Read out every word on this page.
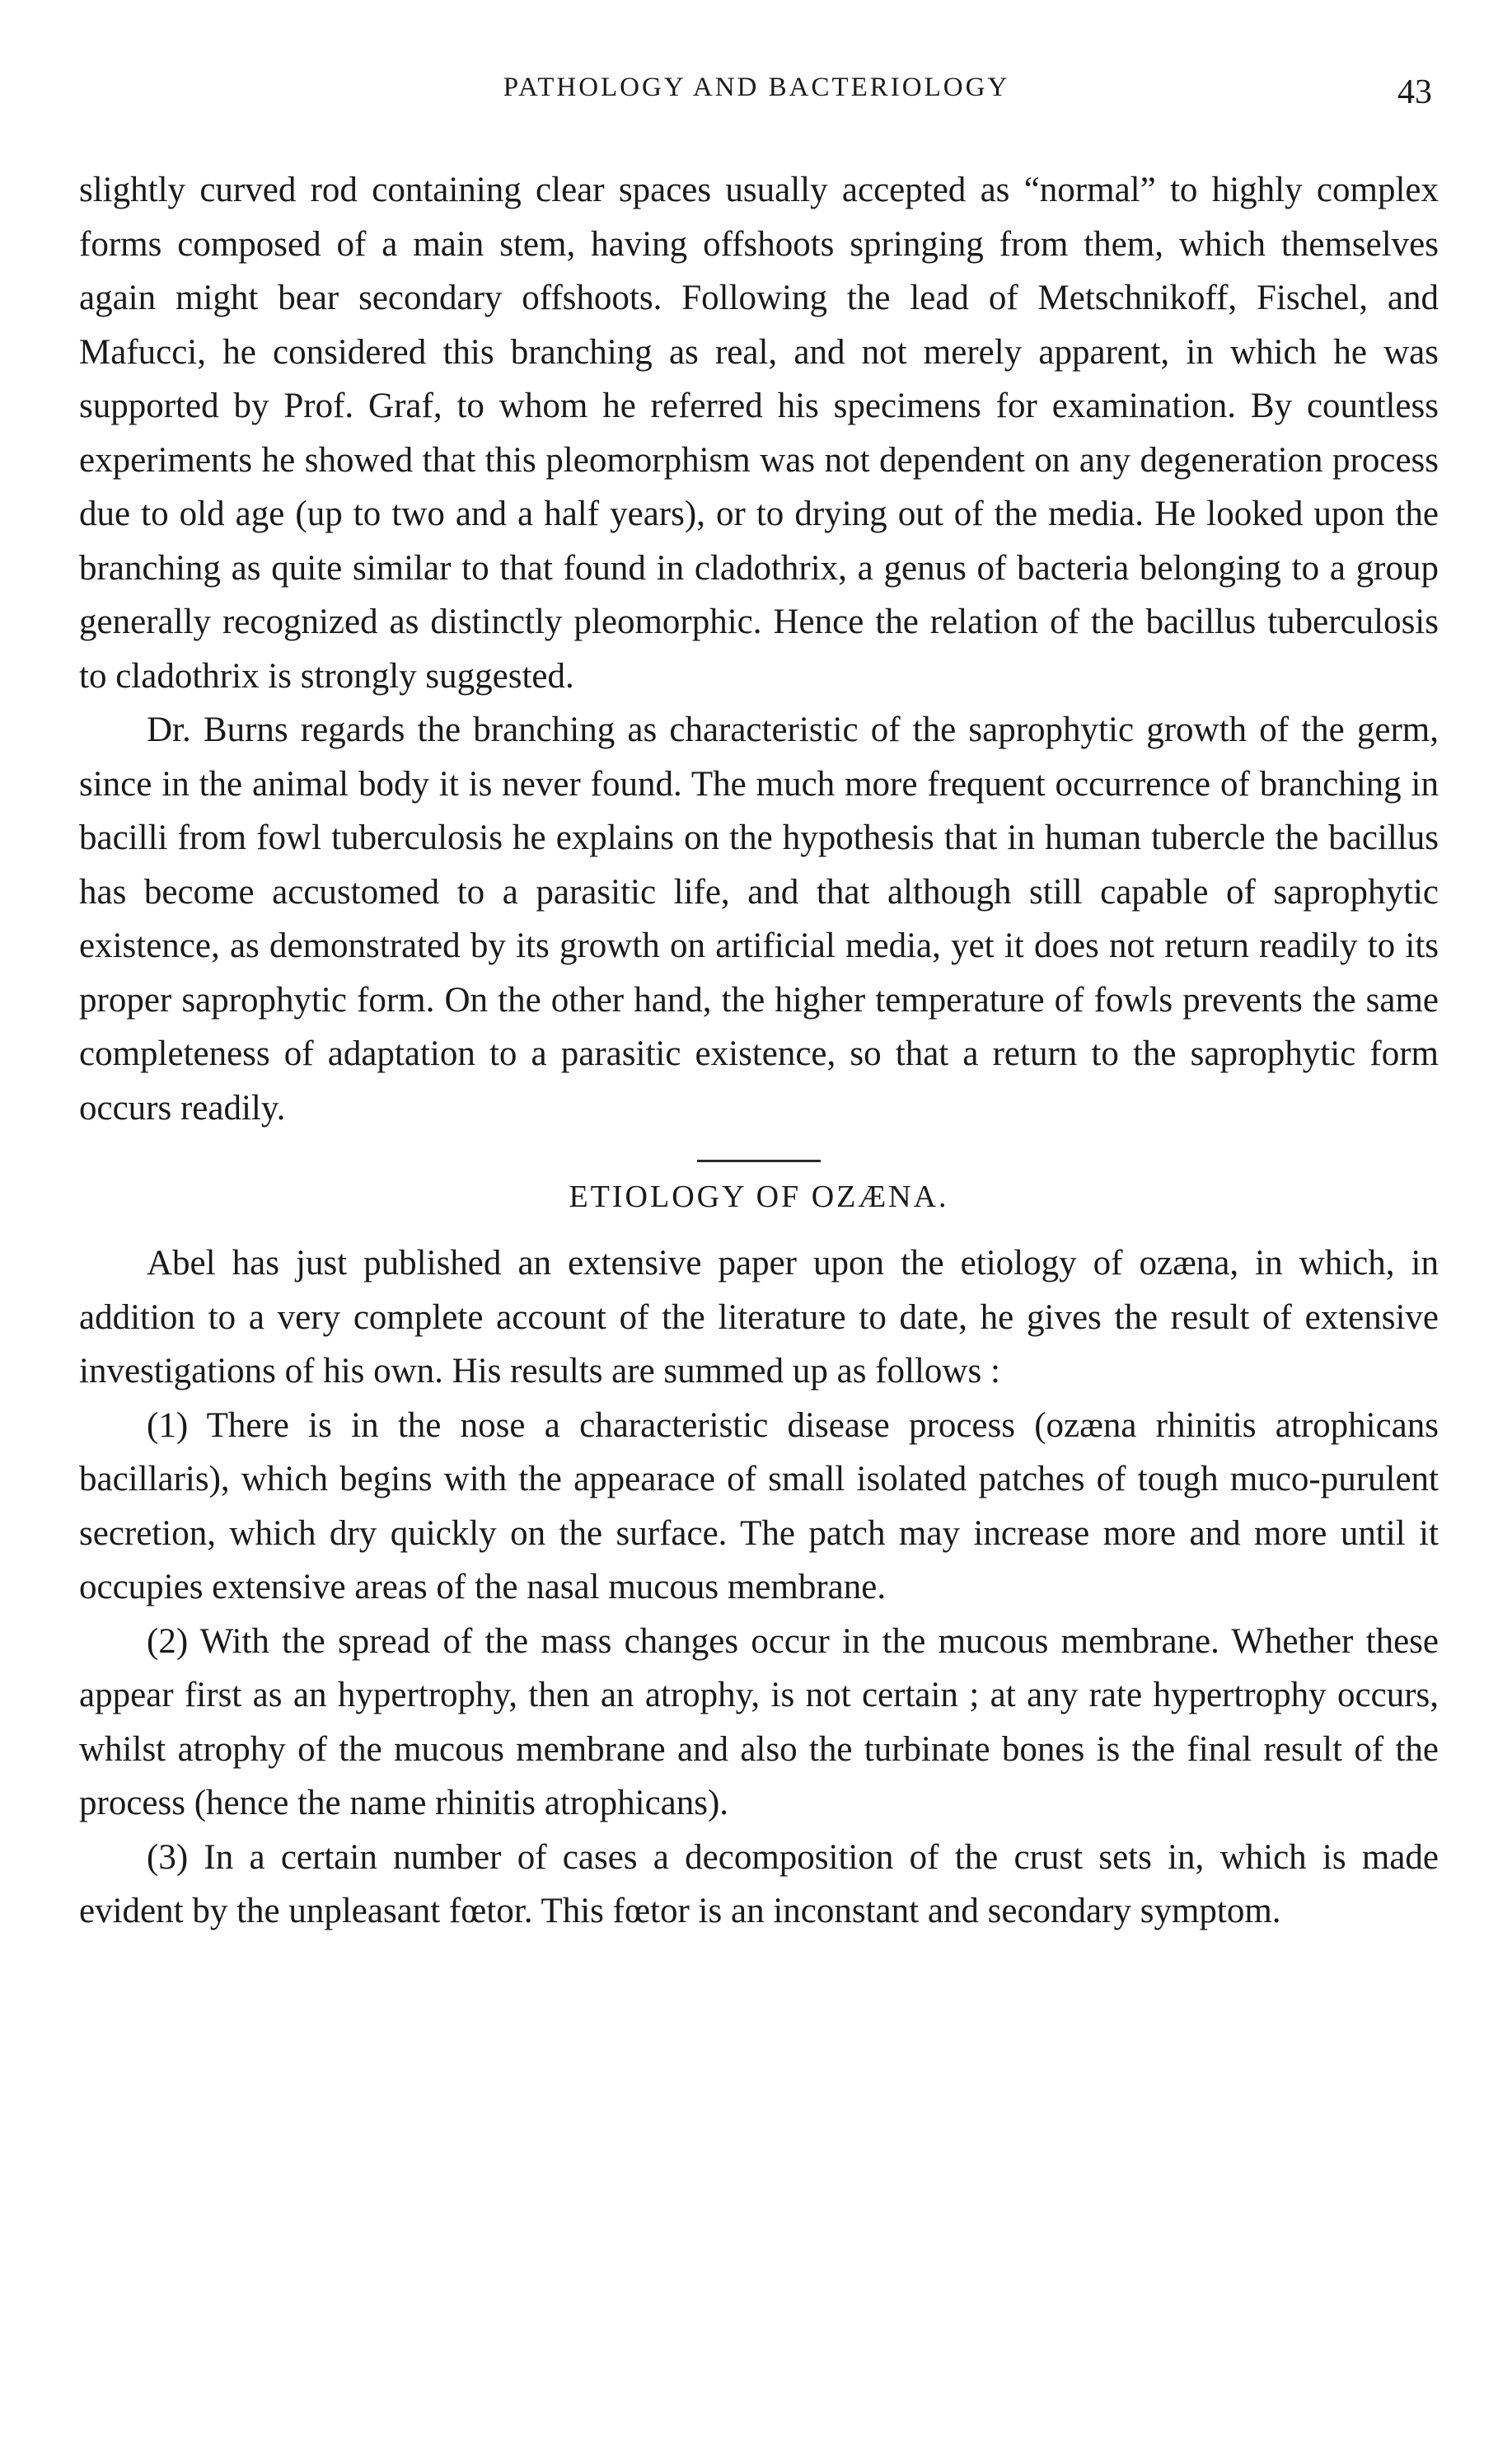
PATHOLOGY AND BACTERIOLOGY	43

slightly curved rod containing clear spaces usually accepted as “normal” to highly complex forms composed of a main stem, having offshoots springing from them, which themselves again might bear secondary offshoots. Following the lead of Metschnikoff, Fischel, and Mafucci, he considered this branching as real, and not merely apparent, in which he was supported by Prof. Graf, to whom he referred his specimens for examination. By countless experiments he showed that this pleomorphism was not dependent on any degeneration process due to old age (up to two and a half years), or to drying out of the media. He looked upon the branching as quite similar to that found in cladothrix, a genus of bacteria belonging to a group generally recognized as distinctly pleomorphic. Hence the relation of the bacillus tuberculosis to cladothrix is strongly suggested.

Dr. Burns regards the branching as characteristic of the saprophytic growth of the germ, since in the animal body it is never found. The much more frequent occurrence of branching in bacilli from fowl tuberculosis he explains on the hypothesis that in human tubercle the bacillus has become accustomed to a parasitic life, and that although still capable of saprophytic existence, as demonstrated by its growth on artificial media, yet it does not return readily to its proper saprophytic form. On the other hand, the higher temperature of fowls prevents the same completeness of adaptation to a parasitic existence, so that a return to the saprophytic form occurs readily.

ETIOLOGY OF OZÆNA.

Abel has just published an extensive paper upon the etiology of ozæna, in which, in addition to a very complete account of the literature to date, he gives the result of extensive investigations of his own. His results are summed up as follows :

(1) There is in the nose a characteristic disease process (ozæna rhinitis atrophicans bacillaris), which begins with the appearace of small isolated patches of tough muco-purulent secretion, which dry quickly on the surface. The patch may increase more and more until it occupies extensive areas of the nasal mucous membrane.

(2) With the spread of the mass changes occur in the mucous membrane. Whether these appear first as an hypertrophy, then an atrophy, is not certain ; at any rate hypertrophy occurs, whilst atrophy of the mucous membrane and also the turbinate bones is the final result of the process (hence the name rhinitis atrophicans).

(3) In a certain number of cases a decomposition of the crust sets in, which is made evident by the unpleasant fœtor. This fœtor is an inconstant and secondary symptom.
